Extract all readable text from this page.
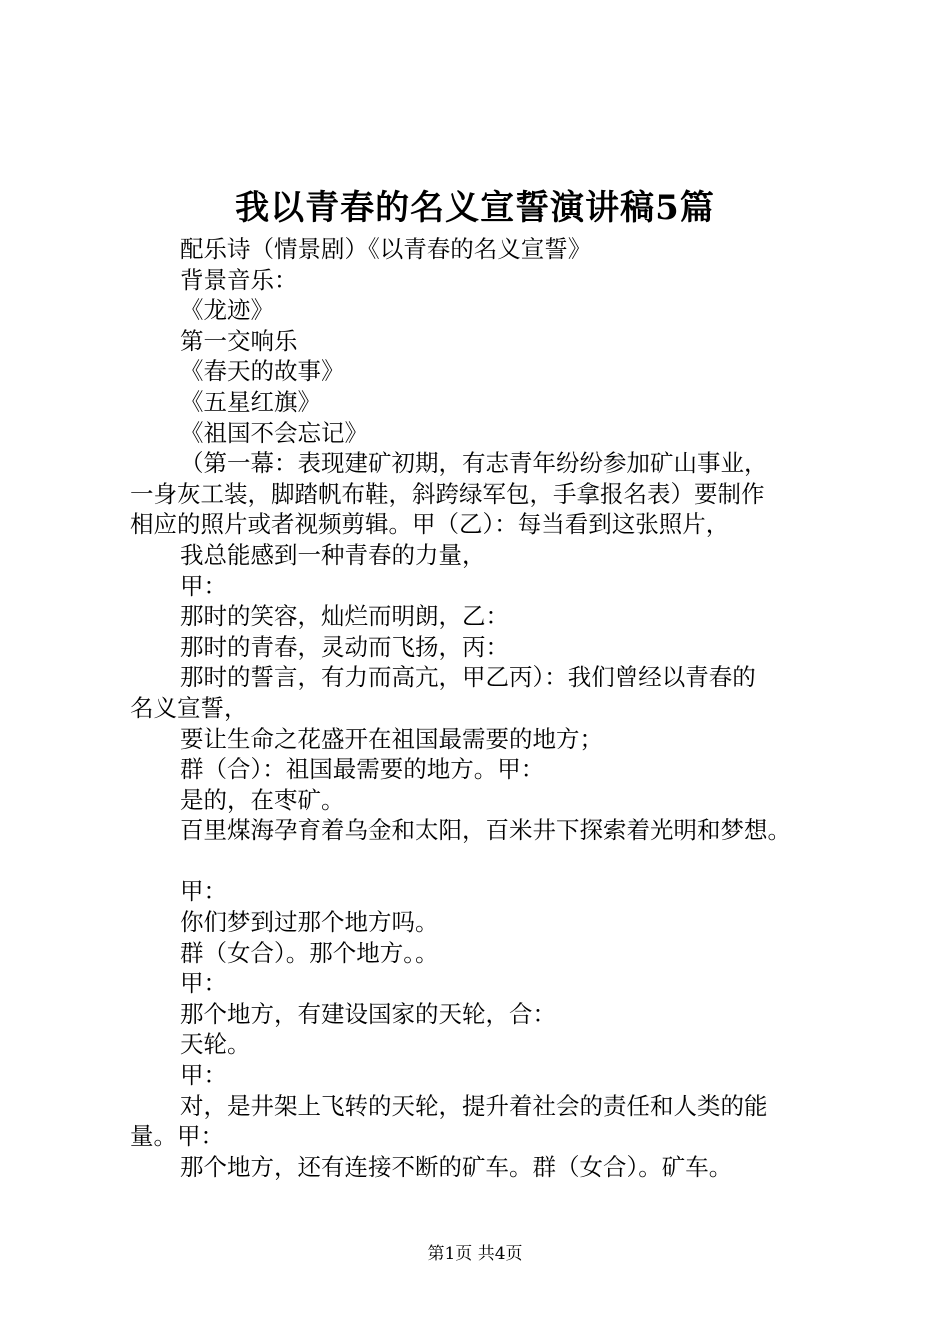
我以青春的名义宣誓演讲稿5篇
配乐诗（情景剧）《以青春的名义宣誓》
背景音乐：
《龙迹》
第一交响乐
《春天的故事》
《五星红旗》
《祖国不会忘记》
（第一幕：表现建矿初期，有志青年纷纷参加矿山事业，
一身灰工装，脚踏帆布鞋，斜跨绿军包，手拿报名表）要制作
相应的照片或者视频剪辑。甲（乙）：每当看到这张照片，
我总能感到一种青春的力量，
甲：
那时的笑容，灿烂而明朗，乙：
那时的青春，灵动而飞扬，丙：
那时的誓言，有力而高亢，甲乙丙）：我们曾经以青春的
名义宣誓，
要让生命之花盛开在祖国最需要的地方；
群（合）：祖国最需要的地方。甲：
是的，在枣矿。
百里煤海孕育着乌金和太阳，百米井下探索着光明和梦想。
甲：
你们梦到过那个地方吗。
群（女合）。那个地方。。
甲：
那个地方，有建设国家的天轮，合：
天轮。
甲：
对，是井架上飞转的天轮，提升着社会的责任和人类的能
量。甲：
那个地方，还有连接不断的矿车。群（女合）。矿车。
第1页 共4页
